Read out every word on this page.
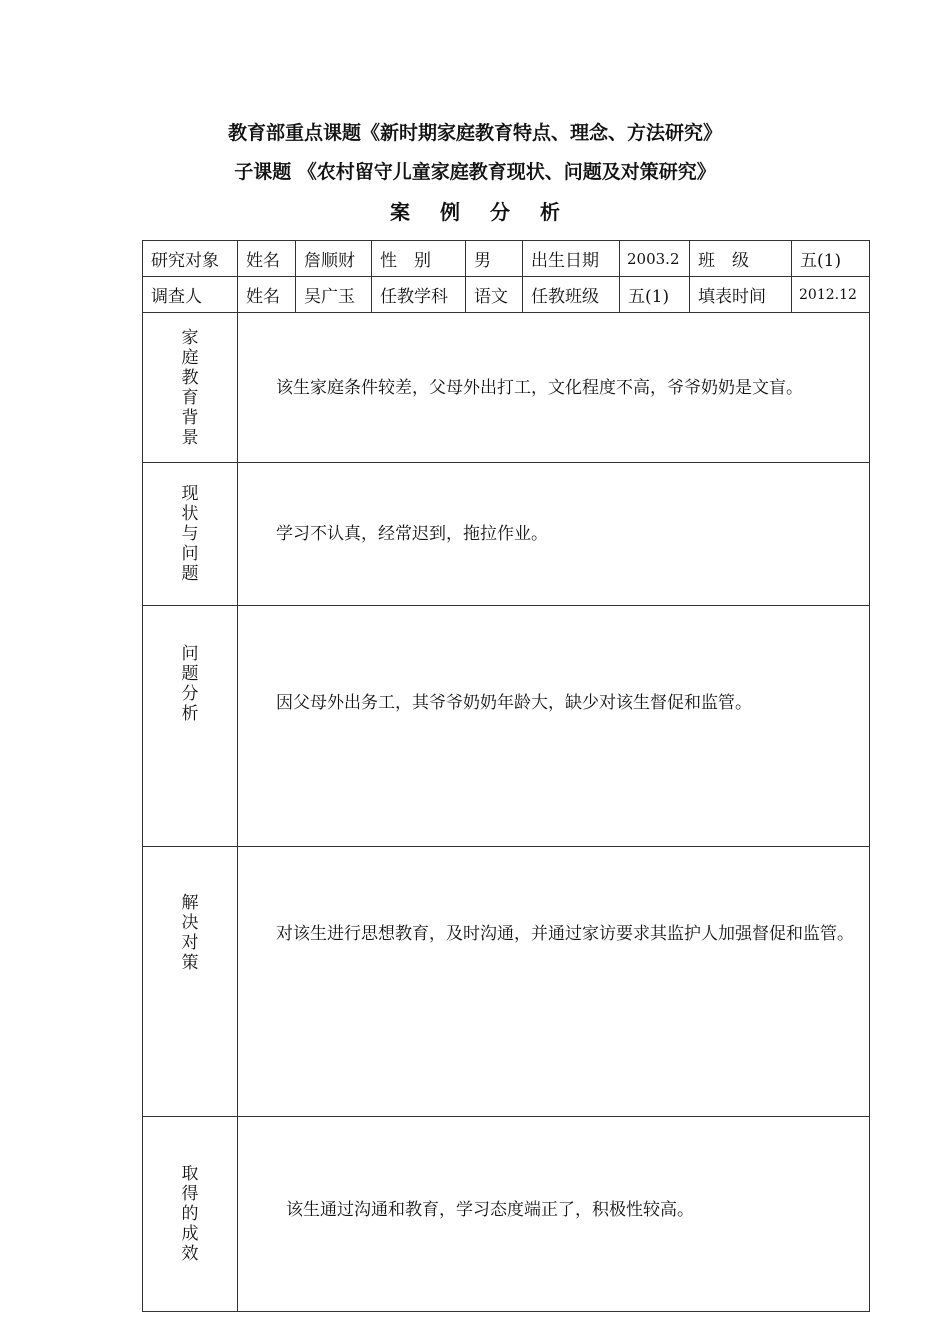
教育部重点课题《新时期家庭教育特点、理念、方法研究》
子课题 《农村留守儿童家庭教育现状、问题及对策研究》
案 例 分 析
研究对象	姓名	詹顺财	性　别	男	出生日期	2003.2	班　级	五(1)
调查人	姓名	吴广玉	任教学科	语文	任教班级	五(1)	填表时间	2012.12
家庭教育背景	该生家庭条件较差，父母外出打工，文化程度不高，爷爷奶奶是文盲。							

现状与问题	学习不认真，经常迟到，拖拉作业。							

问题分析	因父母外出务工，其爷爷奶奶年龄大，缺少对该生督促和监管。							

解决对策	对该生进行思想教育，及时沟通，并通过家访要求其监护人加强督促和监管。							

取得的成效	该生通过沟通和教育，学习态度端正了，积极性较高。							
